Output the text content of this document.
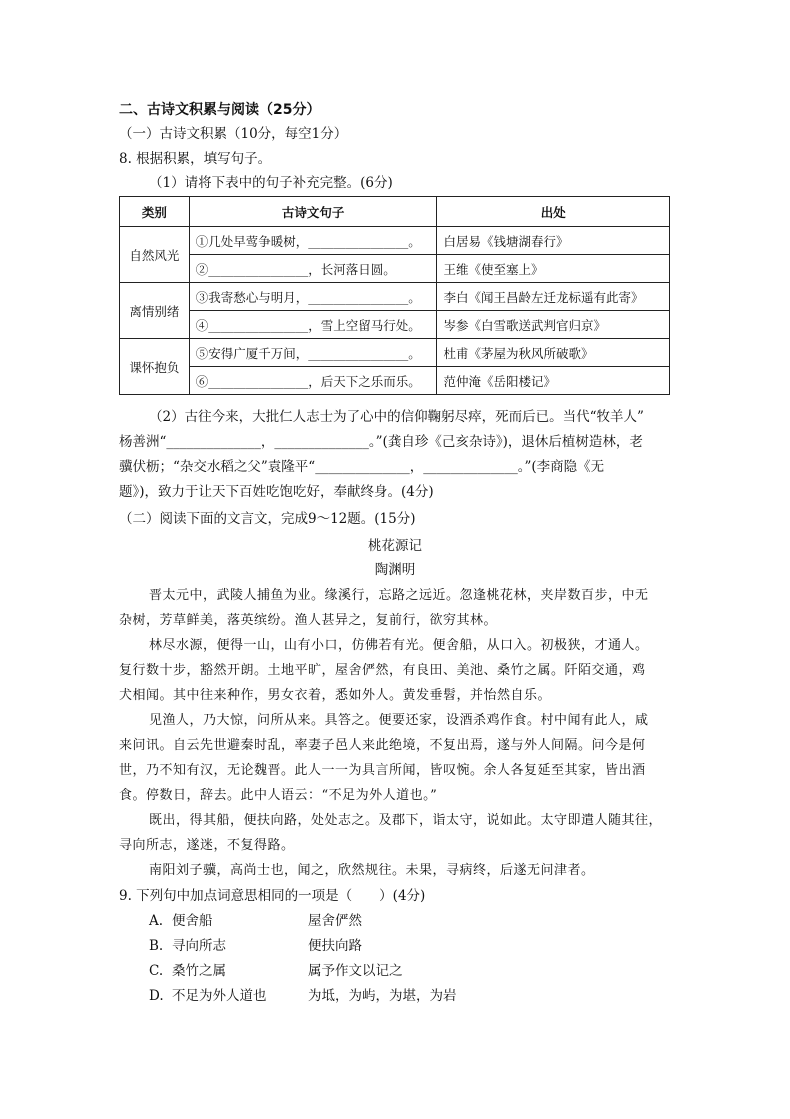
二、古诗文积累与阅读（25分）
（一）古诗文积累（10分，每空1分）
8. 根据积累，填写句子。
（1）请将下表中的句子补充完整。(6分)
类别	古诗文句子	出处
自然风光	①几处早莺争暖树，________________。	白居易《钱塘湖春行》
	②________________，长河落日圆。	王维《使至塞上》
离情别绪	③我寄愁心与明月，________________。	李白《闻王昌龄左迁龙标遥有此寄》
	④________________，雪上空留马行处。	岑参《白雪歌送武判官归京》
课怀抱负	⑤安得广厦千万间，________________。	杜甫《茅屋为秋风所破歌》
	⑥________________，后天下之乐而乐。	范仲淹《岳阳楼记》
（2）古往今来，大批仁人志士为了心中的信仰鞠躬尽瘁，死而后已。当代“牧羊人”
杨善洲“______________，______________。”(龚自珍《己亥杂诗》)，退休后植树造林，老
骥伏枥；“杂交水稻之父”袁隆平“______________，______________。”(李商隐《无
题》)，致力于让天下百姓吃饱吃好，奉献终身。(4分)
（二）阅读下面的文言文，完成9～12题。(15分)
桃花源记
陶渊明
晋太元中，武陵人捕鱼为业。缘溪行，忘路之远近。忽逢桃花林，夹岸数百步，中无
杂树，芳草鲜美，落英缤纷。渔人甚异之，复前行，欲穷其林。
林尽水源，便得一山，山有小口，仿佛若有光。便舍船，从口入。初极狭，才通人。
复行数十步，豁然开朗。土地平旷，屋舍俨然，有良田、美池、桑竹之属。阡陌交通，鸡
犬相闻。其中往来种作，男女衣着，悉如外人。黄发垂髫，并怡然自乐。
见渔人，乃大惊，问所从来。具答之。便要还家，设酒杀鸡作食。村中闻有此人，咸
来问讯。自云先世避秦时乱，率妻子邑人来此绝境，不复出焉，遂与外人间隔。问今是何
世，乃不知有汉，无论魏晋。此人一一为具言所闻，皆叹惋。余人各复延至其家，皆出酒
食。停数日，辞去。此中人语云：“不足为外人道也。”
既出，得其船，便扶向路，处处志之。及郡下，诣太守，说如此。太守即遣人随其往，
寻向所志，遂迷，不复得路。
南阳刘子骥，高尚士也，闻之，欣然规往。未果，寻病终，后遂无问津者。
9. 下列句中加点词意思相同的一项是（　　）(4分)
A. 便舍船	屋舍俨然
B. 寻向所志	便扶向路
C. 桑竹之属	属予作文以记之
D. 不足为外人道也	为坻，为屿，为堪，为岩
